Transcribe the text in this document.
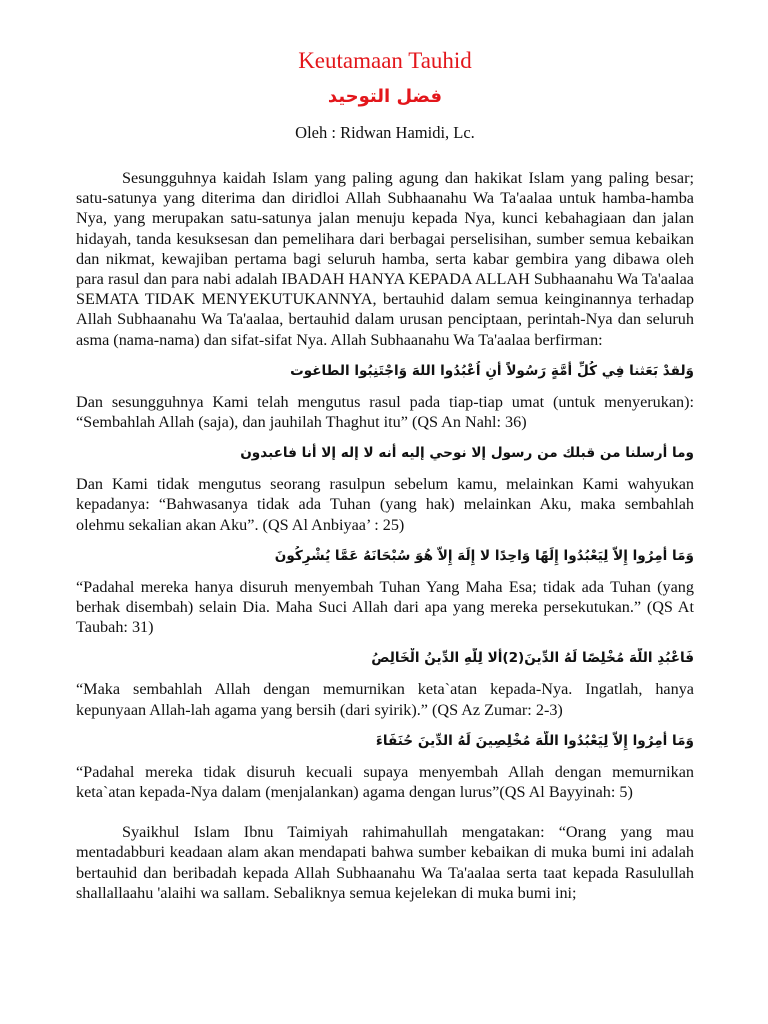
Keutamaan Tauhid
فضل التوحيد
Oleh : Ridwan Hamidi, Lc.

Sesungguhnya kaidah Islam yang paling agung dan hakikat Islam yang paling besar; satu-satunya yang diterima dan diridloi Allah Subhaanahu Wa Ta'aalaa untuk hamba-hamba Nya, yang merupakan satu-satunya jalan menuju kepada Nya, kunci kebahagiaan dan jalan hidayah, tanda kesuksesan dan pemelihara dari berbagai perselisihan, sumber semua kebaikan dan nikmat, kewajiban pertama bagi seluruh hamba, serta kabar gembira yang dibawa oleh para rasul dan para nabi adalah IBADAH HANYA KEPADA ALLAH Subhaanahu Wa Ta'aalaa SEMATA TIDAK MENYEKUTUKANNYA, bertauhid dalam semua keinginannya terhadap Allah Subhaanahu Wa Ta'aalaa, bertauhid dalam urusan penciptaan, perintah-Nya dan seluruh asma (nama-nama) dan sifat-sifat Nya. Allah Subhaanahu Wa Ta'aalaa berfirman:

وَلقدْ بَعَثنا فِي كُلِّ أُمَّةٍ رَسُولاً أَنِ اُعْبُدُوا اللهَ وَاجْتَنِبُوا الطاغوت

Dan sesungguhnya Kami telah mengutus rasul pada tiap-tiap umat (untuk menyerukan): “Sembahlah Allah (saja), dan jauhilah Thaghut itu” (QS An Nahl: 36)

وما أرسلنا من قبلك من رسول إلا نوحي إليه أنه لا إله إلا أنا فاعبدون

Dan Kami tidak mengutus seorang rasulpun sebelum kamu, melainkan Kami wahyukan kepadanya: “Bahwasanya tidak ada Tuhan (yang hak) melainkan Aku, maka sembahlah olehmu sekalian akan Aku”. (QS Al Anbiyaa’ : 25)

وَمَا أُمِرُوا إِلاَّ لِيَعْبُدُوا إِلَهًا وَاحِدًا لا إِلَهَ إِلاَّ هُوَ سُبْحَانَهُ عَمَّا يُشْرِكُونَ

“Padahal mereka hanya disuruh menyembah Tuhan Yang Maha Esa; tidak ada Tuhan (yang berhak disembah) selain Dia. Maha Suci Allah dari apa yang mereka persekutukan.” (QS At Taubah: 31)

فَاعْبُدِ اللَّهَ مُخْلِصًا لَهُ الدِّينَ(2)أَلا لِلَّهِ الدِّينُ الْخَالِصُ

“Maka sembahlah Allah dengan memurnikan keta`atan kepada-Nya. Ingatlah, hanya kepunyaan Allah-lah agama yang bersih (dari syirik).” (QS Az Zumar: 2-3)

وَمَا أُمِرُوا إِلاَّ لِيَعْبُدُوا اللَّهَ مُخْلِصِينَ لَهُ الدِّينَ حُنَفَاءَ

“Padahal mereka tidak disuruh kecuali supaya menyembah Allah dengan memurnikan keta`atan kepada-Nya dalam (menjalankan) agama dengan lurus”(QS Al Bayyinah: 5)

Syaikhul Islam Ibnu Taimiyah rahimahullah mengatakan: “Orang yang mau mentadabburi keadaan alam akan mendapati bahwa sumber kebaikan di muka bumi ini adalah bertauhid dan beribadah kepada Allah Subhaanahu Wa Ta'aalaa serta taat kepada Rasulullah shallallaahu 'alaihi wa sallam. Sebaliknya semua kejelekan di muka bumi ini;
